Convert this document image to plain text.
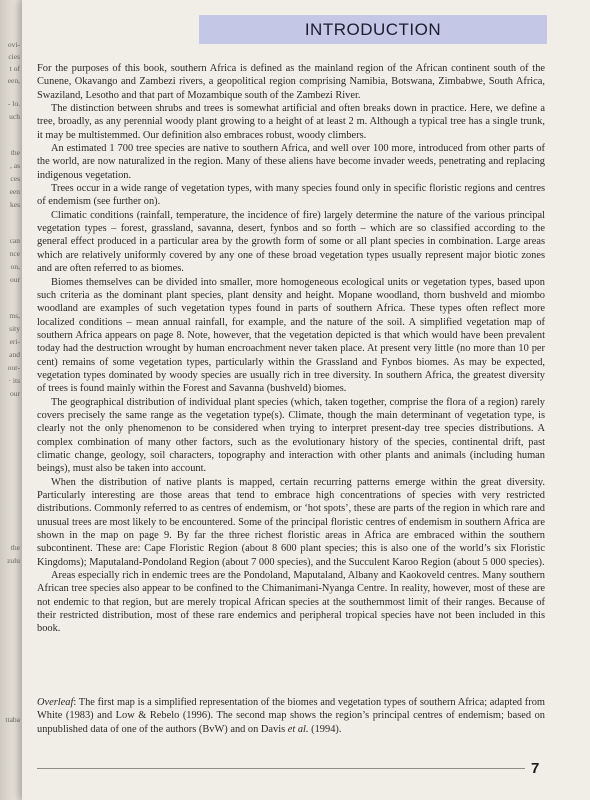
ovi-
cies
t of
een,
- lo.
uch
the
, as
ces
een
kes
can
nce
on,
our
ms,
sity
eri-
and
our-
· its
our
the
zulu
ttaba
INTRODUCTION

For the purposes of this book, southern Africa is defined as the mainland region of the African continent south of the Cunene, Okavango and Zambezi rivers, a geopolitical region comprising Namibia, Botswana, Zimbabwe, South Africa, Swaziland, Lesotho and that part of Mozambique south of the Zambezi River.

The distinction between shrubs and trees is somewhat artificial and often breaks down in practice. Here, we define a tree, broadly, as any perennial woody plant growing to a height of at least 2 m. Although a typical tree has a single trunk, it may be multistemmed. Our definition also embraces robust, woody climbers.

An estimated 1 700 tree species are native to southern Africa, and well over 100 more, introduced from other parts of the world, are now naturalized in the region. Many of these aliens have become invader weeds, penetrating and replacing indigenous vegetation.

Trees occur in a wide range of vegetation types, with many species found only in specific floristic regions and centres of endemism (see further on).

Climatic conditions (rainfall, temperature, the incidence of fire) largely determine the nature of the various principal vegetation types – forest, grassland, savanna, desert, fynbos and so forth – which are so classified according to the general effect produced in a particular area by the growth form of some or all plant species in combination. Large areas which are relatively uniformly covered by any one of these broad vegetation types usually represent major biotic zones and are often referred to as biomes.

Biomes themselves can be divided into smaller, more homogeneous ecological units or vegetation types, based upon such criteria as the dominant plant species, plant density and height. Mopane woodland, thorn bushveld and miombo woodland are examples of such vegetation types found in parts of southern Africa. These types often reflect more localized conditions – mean annual rainfall, for example, and the nature of the soil. A simplified vegetation map of southern Africa appears on page 8. Note, however, that the vegetation depicted is that which would have been prevalent today had the destruction wrought by human encroachment never taken place. At present very little (no more than 10 per cent) remains of some vegetation types, particularly within the Grassland and Fynbos biomes. As may be expected, vegetation types dominated by woody species are usually rich in tree diversity. In southern Africa, the greatest diversity of trees is found mainly within the Forest and Savanna (bushveld) biomes.

The geographical distribution of individual plant species (which, taken together, comprise the flora of a region) rarely covers precisely the same range as the vegetation type(s). Climate, though the main determinant of vegetation type, is clearly not the only phenomenon to be considered when trying to interpret present-day tree species distributions. A complex combination of many other factors, such as the evolutionary history of the species, continental drift, past climatic change, geology, soil characters, topography and interaction with other plants and animals (including human beings), must also be taken into account.

When the distribution of native plants is mapped, certain recurring patterns emerge within the great diversity. Particularly interesting are those areas that tend to embrace high concentrations of species with very restricted distributions. Commonly referred to as centres of endemism, or ‘hot spots’, these are parts of the region in which rare and unusual trees are most likely to be encountered. Some of the principal floristic centres of endemism in southern Africa are shown in the map on page 9. By far the three richest floristic areas in Africa are embraced within the southern subcontinent. These are: Cape Floristic Region (about 8 600 plant species; this is also one of the world’s six Floristic Kingdoms); Maputaland-Pondoland Region (about 7 000 species), and the Succulent Karoo Region (about 5 000 species).

Areas especially rich in endemic trees are the Pondoland, Maputaland, Albany and Kaokoveld centres. Many southern African tree species also appear to be confined to the Chimanimani-Nyanga Centre. In reality, however, most of these are not endemic to that region, but are merely tropical African species at the southernmost limit of their ranges. Because of their restricted distribution, most of these rare endemics and peripheral tropical species have not been included in this book.

Overleaf: The first map is a simplified representation of the biomes and vegetation types of southern Africa; adapted from White (1983) and Low & Rebelo (1996). The second map shows the region’s principal centres of endemism; based on unpublished data of one of the authors (BvW) and on Davis et al. (1994).

7
